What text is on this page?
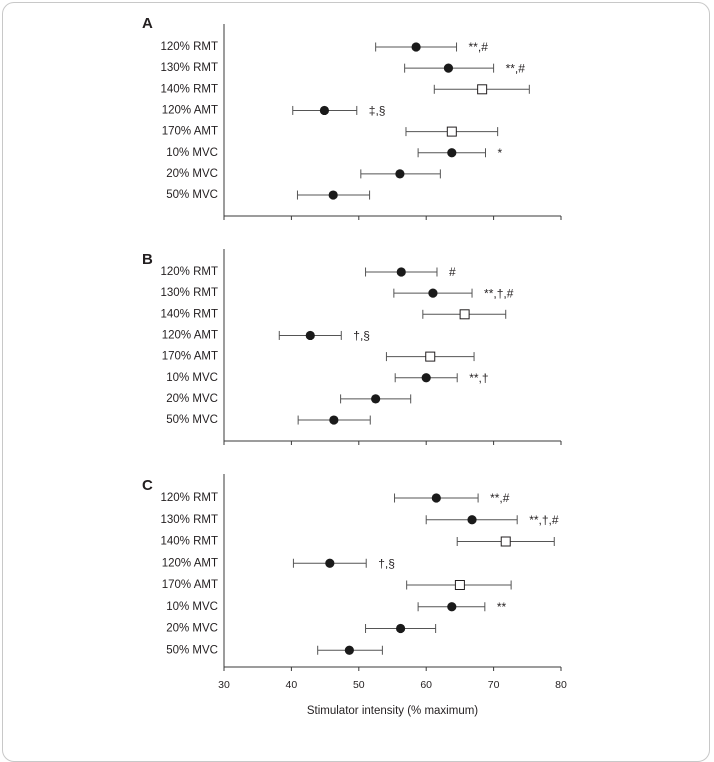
Stimulator intensity (% maximum)
A
120% RMT	**,#
130% RMT	**,#
140% RMT
120% AMT	‡,§
170% AMT
10% MVC	*
20% MVC
50% MVC
B
120% RMT	#
130% RMT	**,†,#
140% RMT
120% AMT	†,§
170% AMT
10% MVC	**,†
20% MVC
50% MVC
C
30	40	50	60	70	80
120% RMT	**,#
130% RMT	**,†,#
140% RMT
120% AMT	†,§
170% AMT
10% MVC	**
20% MVC
50% MVC
